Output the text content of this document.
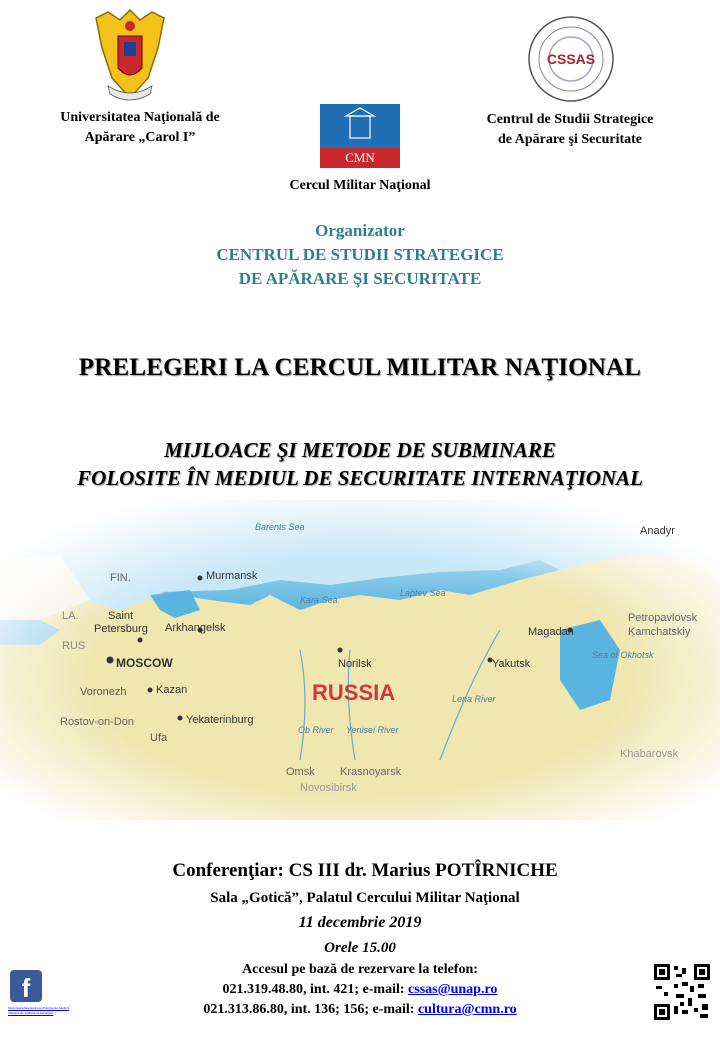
CSSAS
CMN
Universitatea Naţională de
Apărare „Carol I”
Centrul de Studii Strategice
de Apărare şi Securitate
Cercul Militar Naţional
Organizator
CENTRUL DE STUDII STRATEGICE
DE APĂRARE ŞI SECURITATE
PRELEGERI LA CERCUL MILITAR NAŢIONAL
MIJLOACE ŞI METODE DE SUBMINARE
FOLOSITE ÎN MEDIUL DE SECURITATE INTERNAŢIONAL
Barents Sea
Kara Sea
Laptev Sea
Sea of Okhotsk
Anadyr
FIN.	Murmansk
Saint
Petersburg Arkhangelsk
Norilsk
Magadan
Petropavlovsk
Kamchatskiy
MOSCOW
Voronezh	Kazan
Yakutsk
RUSSIA
Rostov-on-Don	Yekaterinburg
Ufa
Omsk Krasnoyarsk
Novosibirsk
Khabarovsk
Lena River
Ob River Yenisei River
LA.
RUS
Conferenţiar: CS III dr. Marius POTÎRNICHE
Sala „Gotică”, Palatul Cercului Militar Naţional
11 decembrie 2019
Orele 15.00
Accesul pe bază de rezervare la telefon:
021.319.48.80, int. 421; e-mail: cssas@unap.ro
021.313.86.80, int. 136; 156; e-mail: cultura@cmn.ro
f
https://www.facebook.com/Centrul-de-Studii-Strategice-de-Apărare-și-Securitate
